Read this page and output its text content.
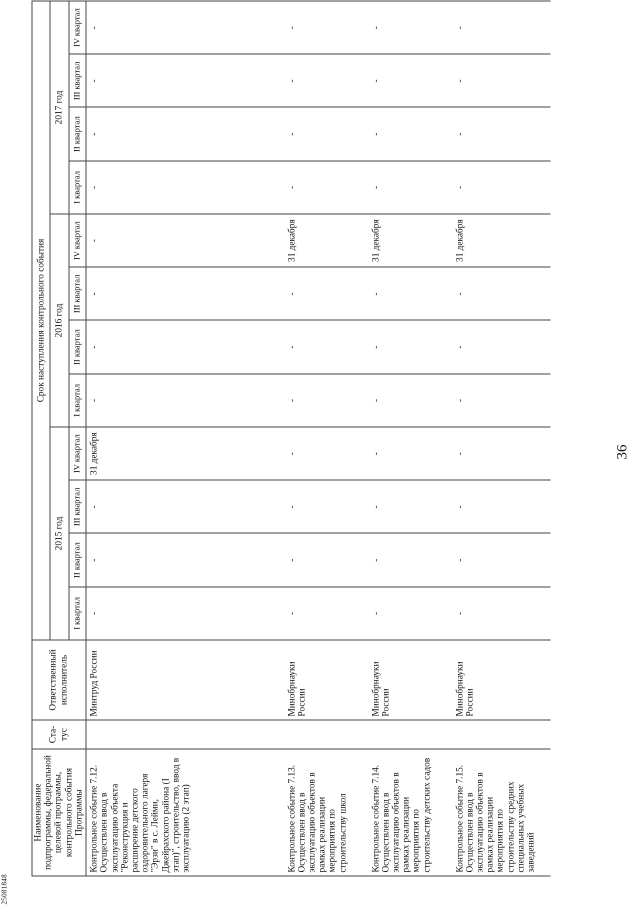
25081848
36
Наименование подпрограммы, федеральной целевой программы, контрольного события Программы	Ста-тус	Ответственный исполнитель	Срок наступления контрольного события											
			2015 год				2016 год				2017 год			
			I квартал	II квартал	III квартал	IV квартал	I квартал	II квартал	III квартал	IV квартал	I квартал	II квартал	III квартал	IV квартал
Контрольное событие 7.12. Осуществлен ввод в эксплуатацию объекта "Реконструкция и расширение детского оздоровительного лагеря "Эрзи" в с. Лейми, Джейрахского района (I этап)", строительство, ввод в эксплуатацию (2 этап)		Минтруд России	-	-	-	31 декабря	-	-	-	-	-	-	-	-
Контрольное событие 7.13. Осуществлен ввод в эксплуатацию объектов в рамках реализации мероприятия по строительству школ		Минобрнауки России	-	-	-	-	-	-	-	31 декабря	-	-	-	-
Контрольное событие 7.14. Осуществлен ввод в эксплуатацию объектов в рамках реализации мероприятия по строительству детских садов		Минобрнауки России	-	-	-	-	-	-	-	31 декабря	-	-	-	-
Контрольное событие 7.15. Осуществлен ввод в эксплуатацию объектов в рамках реализации мероприятия по строительству средних специальных учебных заведений		Минобрнауки России	-	-	-	-	-	-	-	31 декабря	-	-	-	-
